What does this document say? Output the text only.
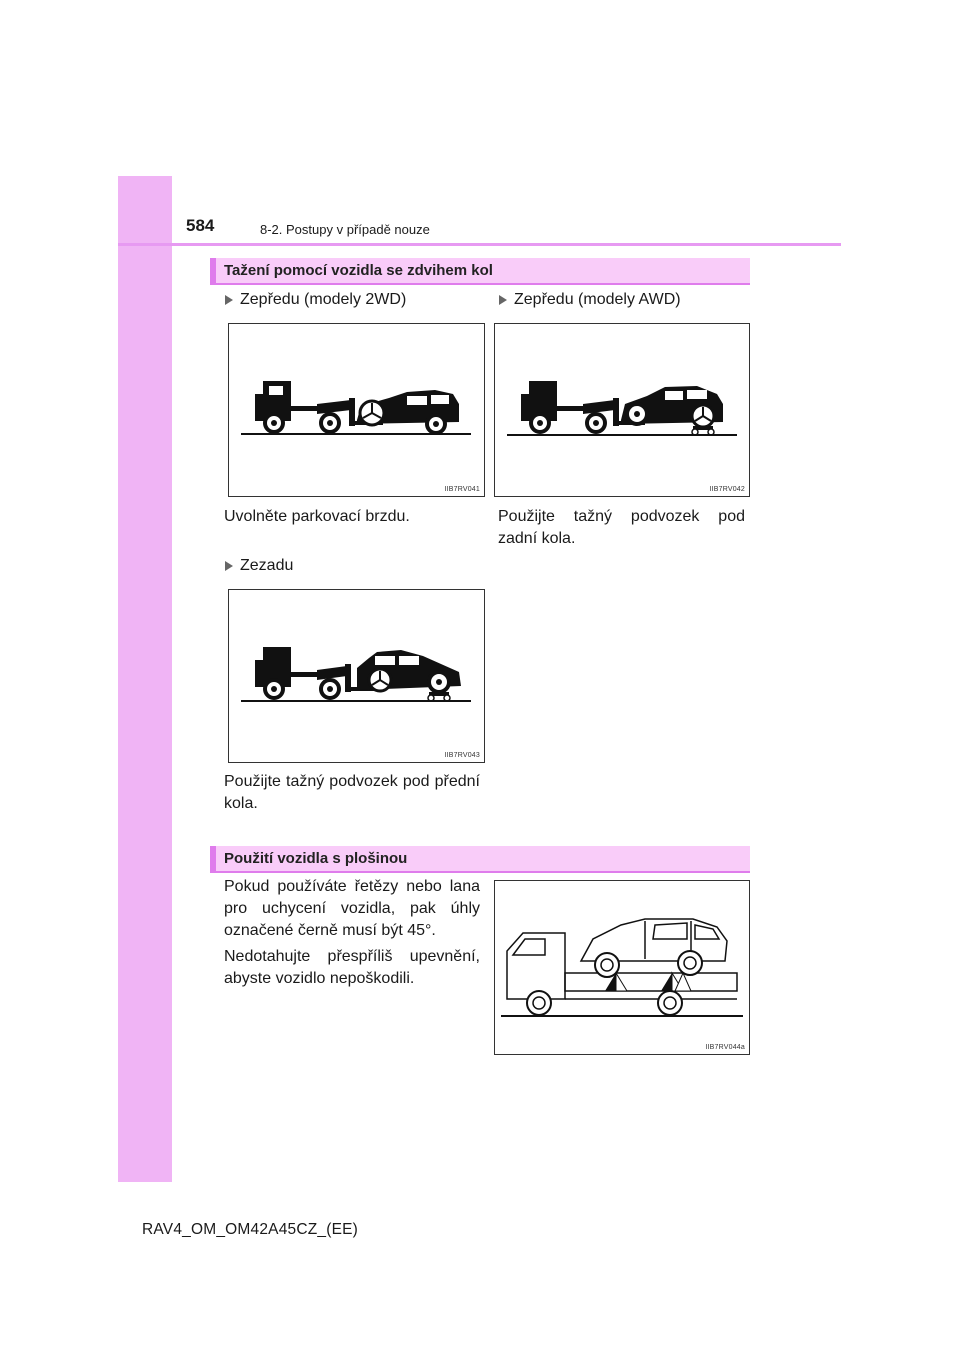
584	8-2. Postupy v případě nouze
Tažení pomocí vozidla se zdvihem kol
Zepředu (modely 2WD)	Zepředu (modely AWD)
IIB7RV041	IIB7RV042
Uvolněte parkovací brzdu.	Použijte tažný podvozek pod zadní kola.
Zezadu
IIB7RV043
Použijte tažný podvozek pod přední kola.
Použití vozidla s plošinou
Pokud používáte řetězy nebo lana pro uchycení vozidla, pak úhly označené černě musí být 45°.
Nedotahujte přespříliš upevnění, abyste vozidlo nepoškodili.
IIB7RV044a
RAV4_OM_OM42A45CZ_(EE)
